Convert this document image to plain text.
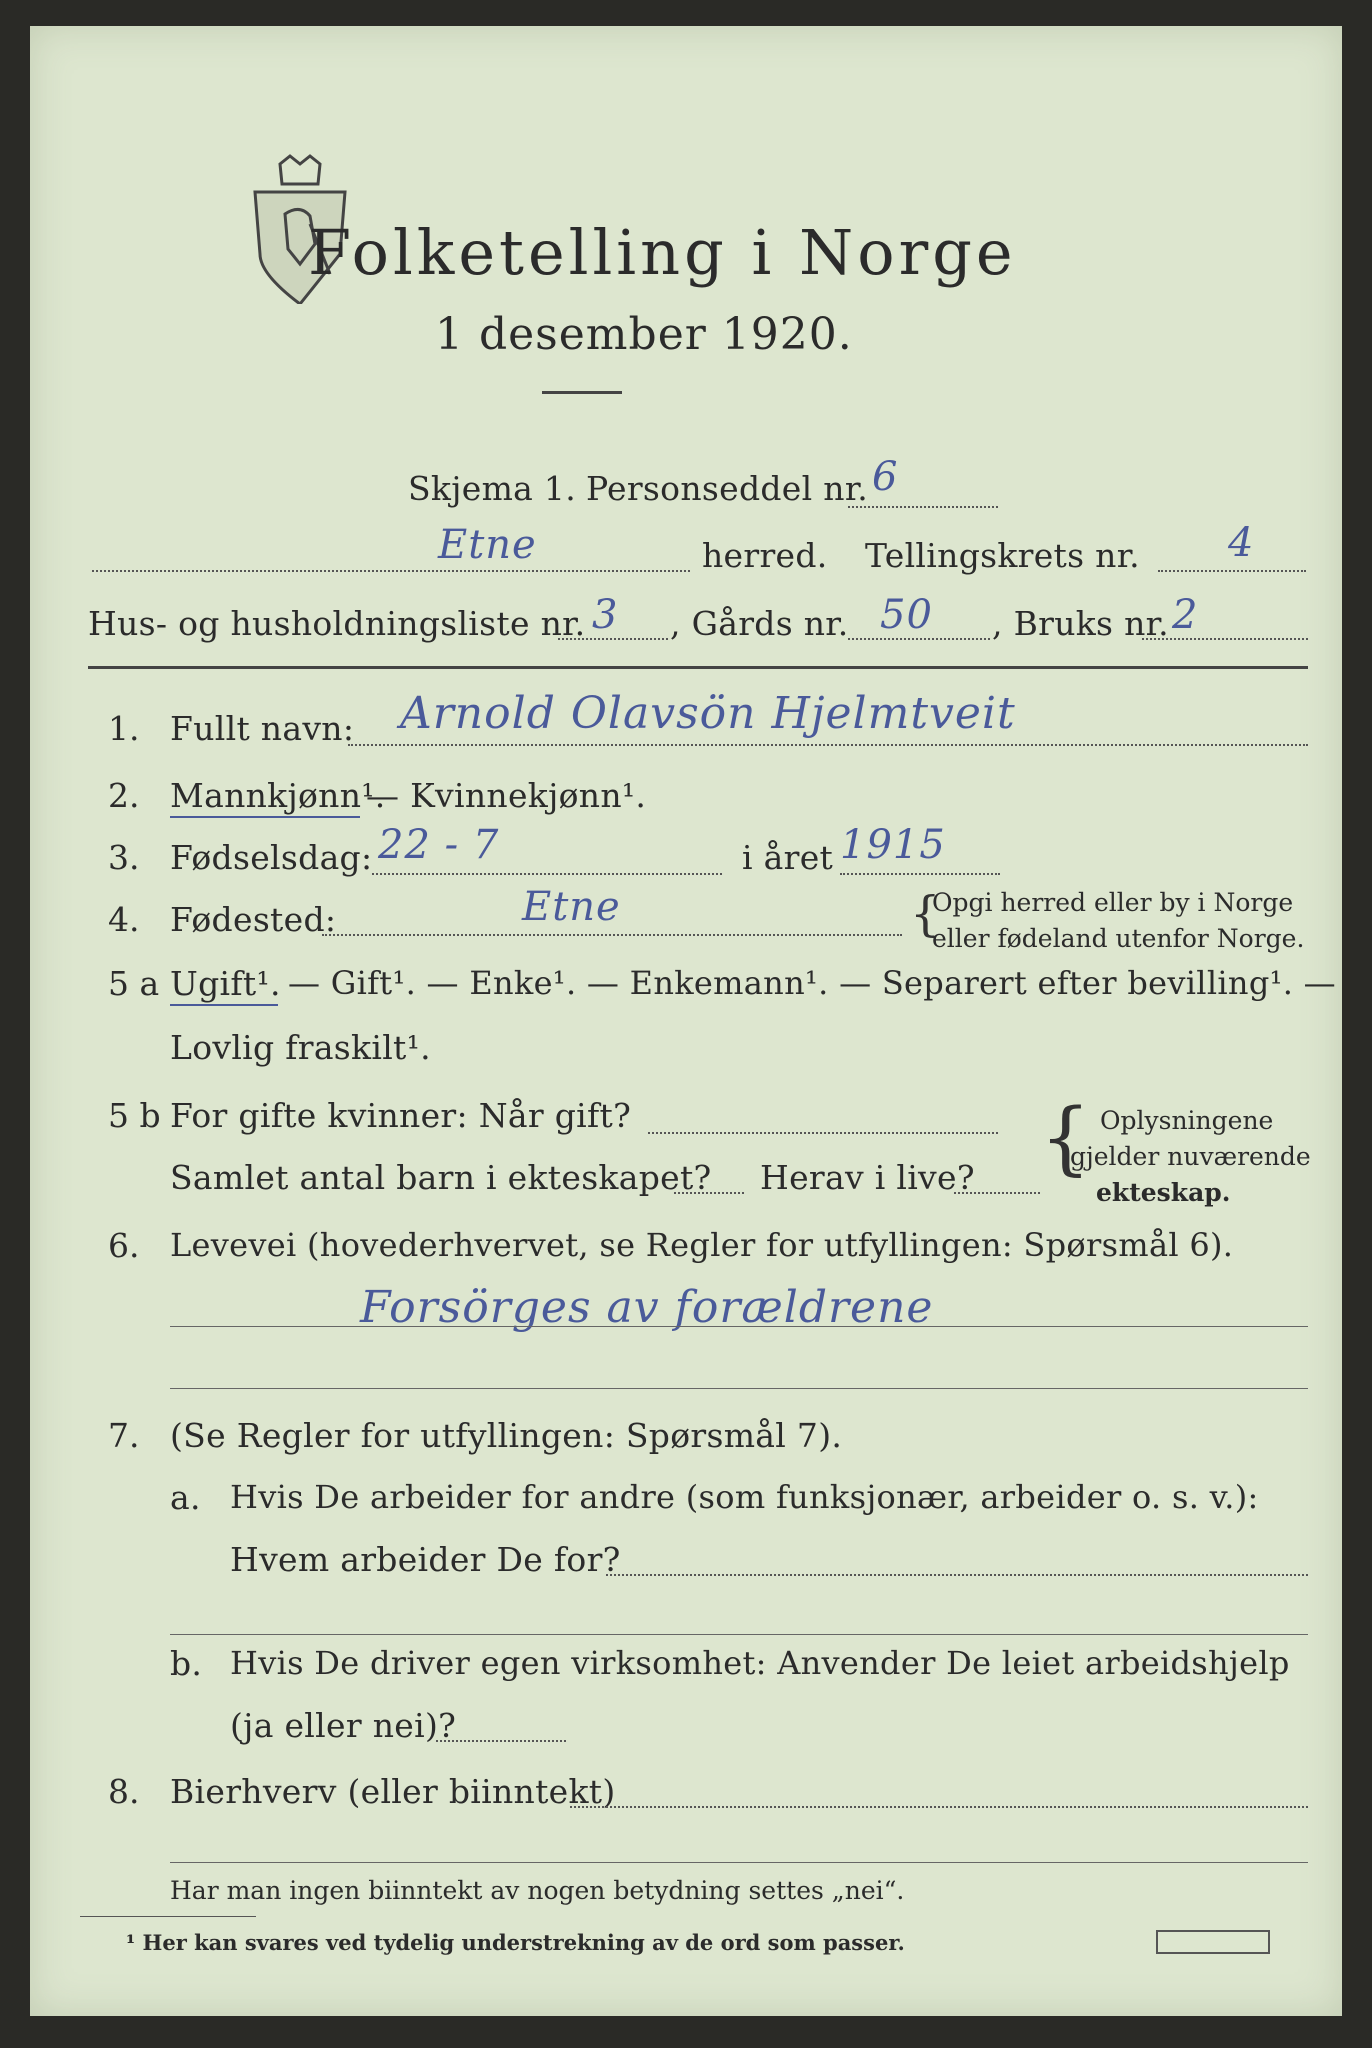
Folketelling i Norge
1 desember 1920.
Skjema 1. Personseddel nr. 6
Etne	herred. Tellingskrets nr. 4
Hus- og husholdningsliste nr. 3 , Gårds nr. 50 , Bruks nr. 2
1. Fullt navn: Arnold Olavsön Hjelmtveit
2. Mannkjønn¹.
— Kvinnekjønn¹.
3. Fødselsdag: 22 - 7	i året 1915
4. Fødested:	Etne	{
Opgi herred eller by i Norge
eller fødeland utenfor Norge.
5 a Ugift¹. — Gift¹. — Enke¹. — Enkemann¹. — Separert efter bevilling¹. —
Lovlig fraskilt¹.
5 b For gifte kvinner: Når gift?
Samlet antal barn i ekteskapet? Herav i live? { Oplysningene
gjelder nuværende
ekteskap.
6. Levevei (hovederhvervet, se Regler for utfyllingen: Spørsmål 6).
Forsörges av forældrene
7. (Se Regler for utfyllingen: Spørsmål 7).
a. Hvis De arbeider for andre (som funksjonær, arbeider o. s. v.):
Hvem arbeider De for?
b. Hvis De driver egen virksomhet: Anvender De leiet arbeidshjelp
(ja eller nei)?
8. Bierhverv (eller biinntekt)
Har man ingen biinntekt av nogen betydning settes „nei“.
¹ Her kan svares ved tydelig understrekning av de ord som passer.
